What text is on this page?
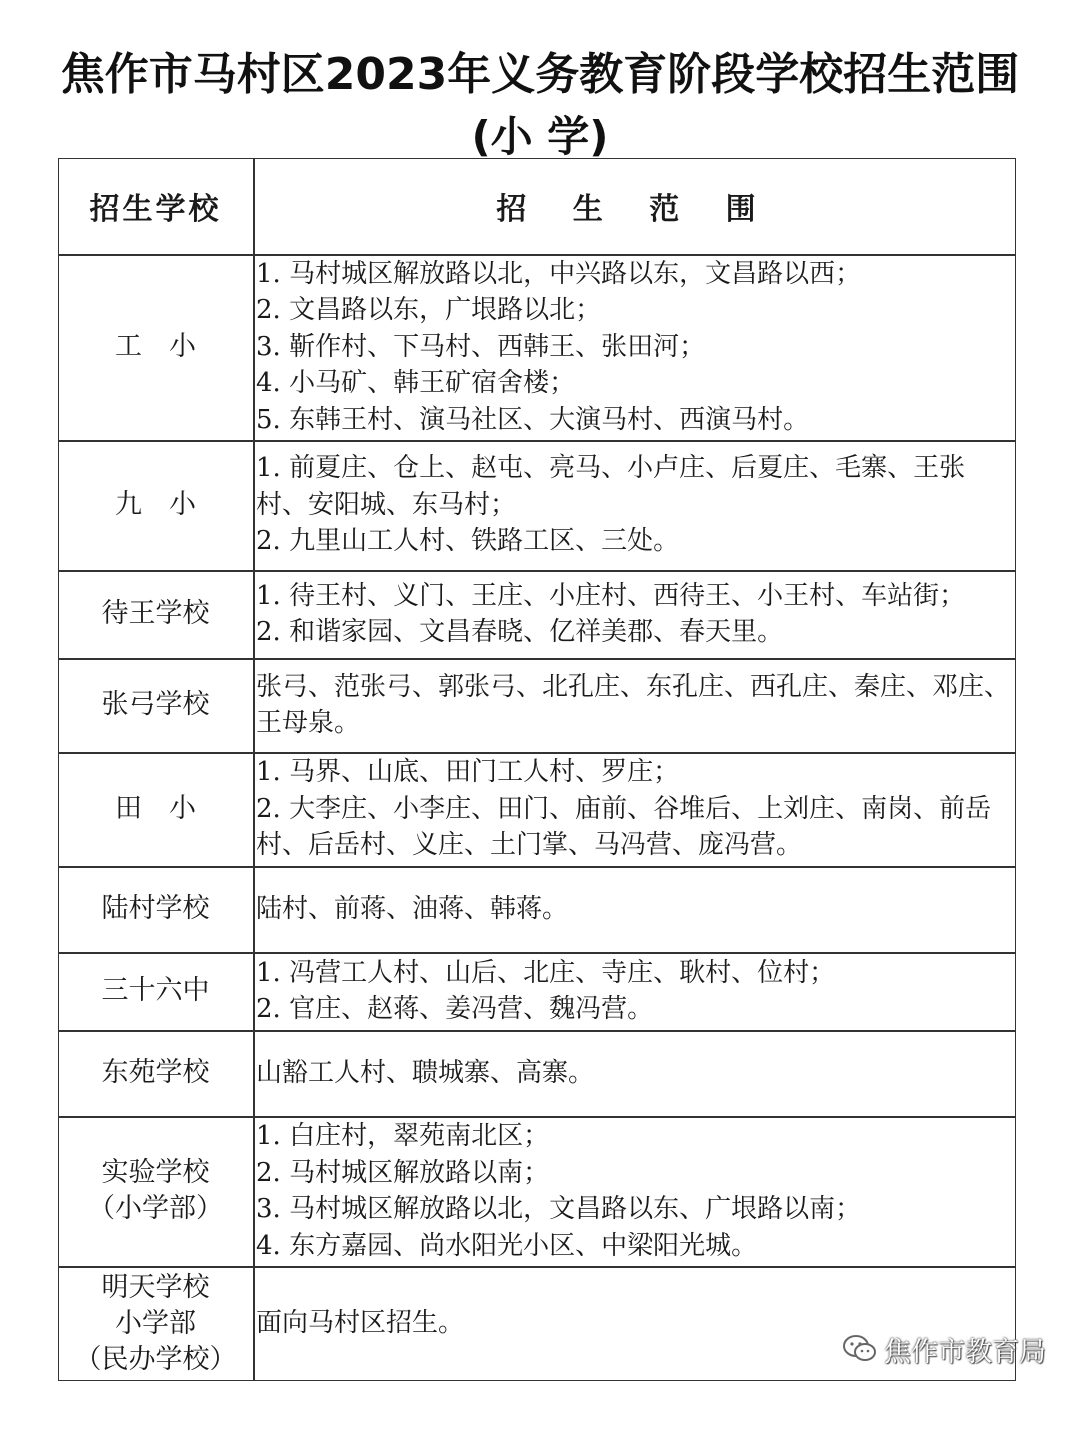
焦作市马村区2023年义务教育阶段学校招生范围
(小 学)
招生学校	招 生 范 围
工　小
1. 马村城区解放路以北，中兴路以东，文昌路以西；
2. 文昌路以东，广垠路以北；
3. 靳作村、下马村、西韩王、张田河；
4. 小马矿、韩王矿宿舍楼；
5. 东韩王村、演马社区、大演马村、西演马村。
九　小
1. 前夏庄、仓上、赵屯、亮马、小卢庄、后夏庄、毛寨、王张村、安阳城、东马村；
2. 九里山工人村、铁路工区、三处。
待王学校
1. 待王村、义门、王庄、小庄村、西待王、小王村、车站街；
2. 和谐家园、文昌春晓、亿祥美郡、春天里。
张弓学校
张弓、范张弓、郭张弓、北孔庄、东孔庄、西孔庄、秦庄、邓庄、王母泉。
田　小
1. 马界、山底、田门工人村、罗庄；
2. 大李庄、小李庄、田门、庙前、谷堆后、上刘庄、南岗、前岳村、后岳村、义庄、土门掌、马冯营、庞冯营。
陆村学校 陆村、前蒋、油蒋、韩蒋。
三十六中
1. 冯营工人村、山后、北庄、寺庄、耿村、位村；
2. 官庄、赵蒋、姜冯营、魏冯营。
东苑学校 山豁工人村、聩城寨、高寨。
实验学校
（小学部）
1. 白庄村，翠苑南北区；
2. 马村城区解放路以南；
3. 马村城区解放路以北，文昌路以东、广垠路以南；
4. 东方嘉园、尚水阳光小区、中梁阳光城。
明天学校
小学部
（民办学校）
面向马村区招生。
焦作市教育局
